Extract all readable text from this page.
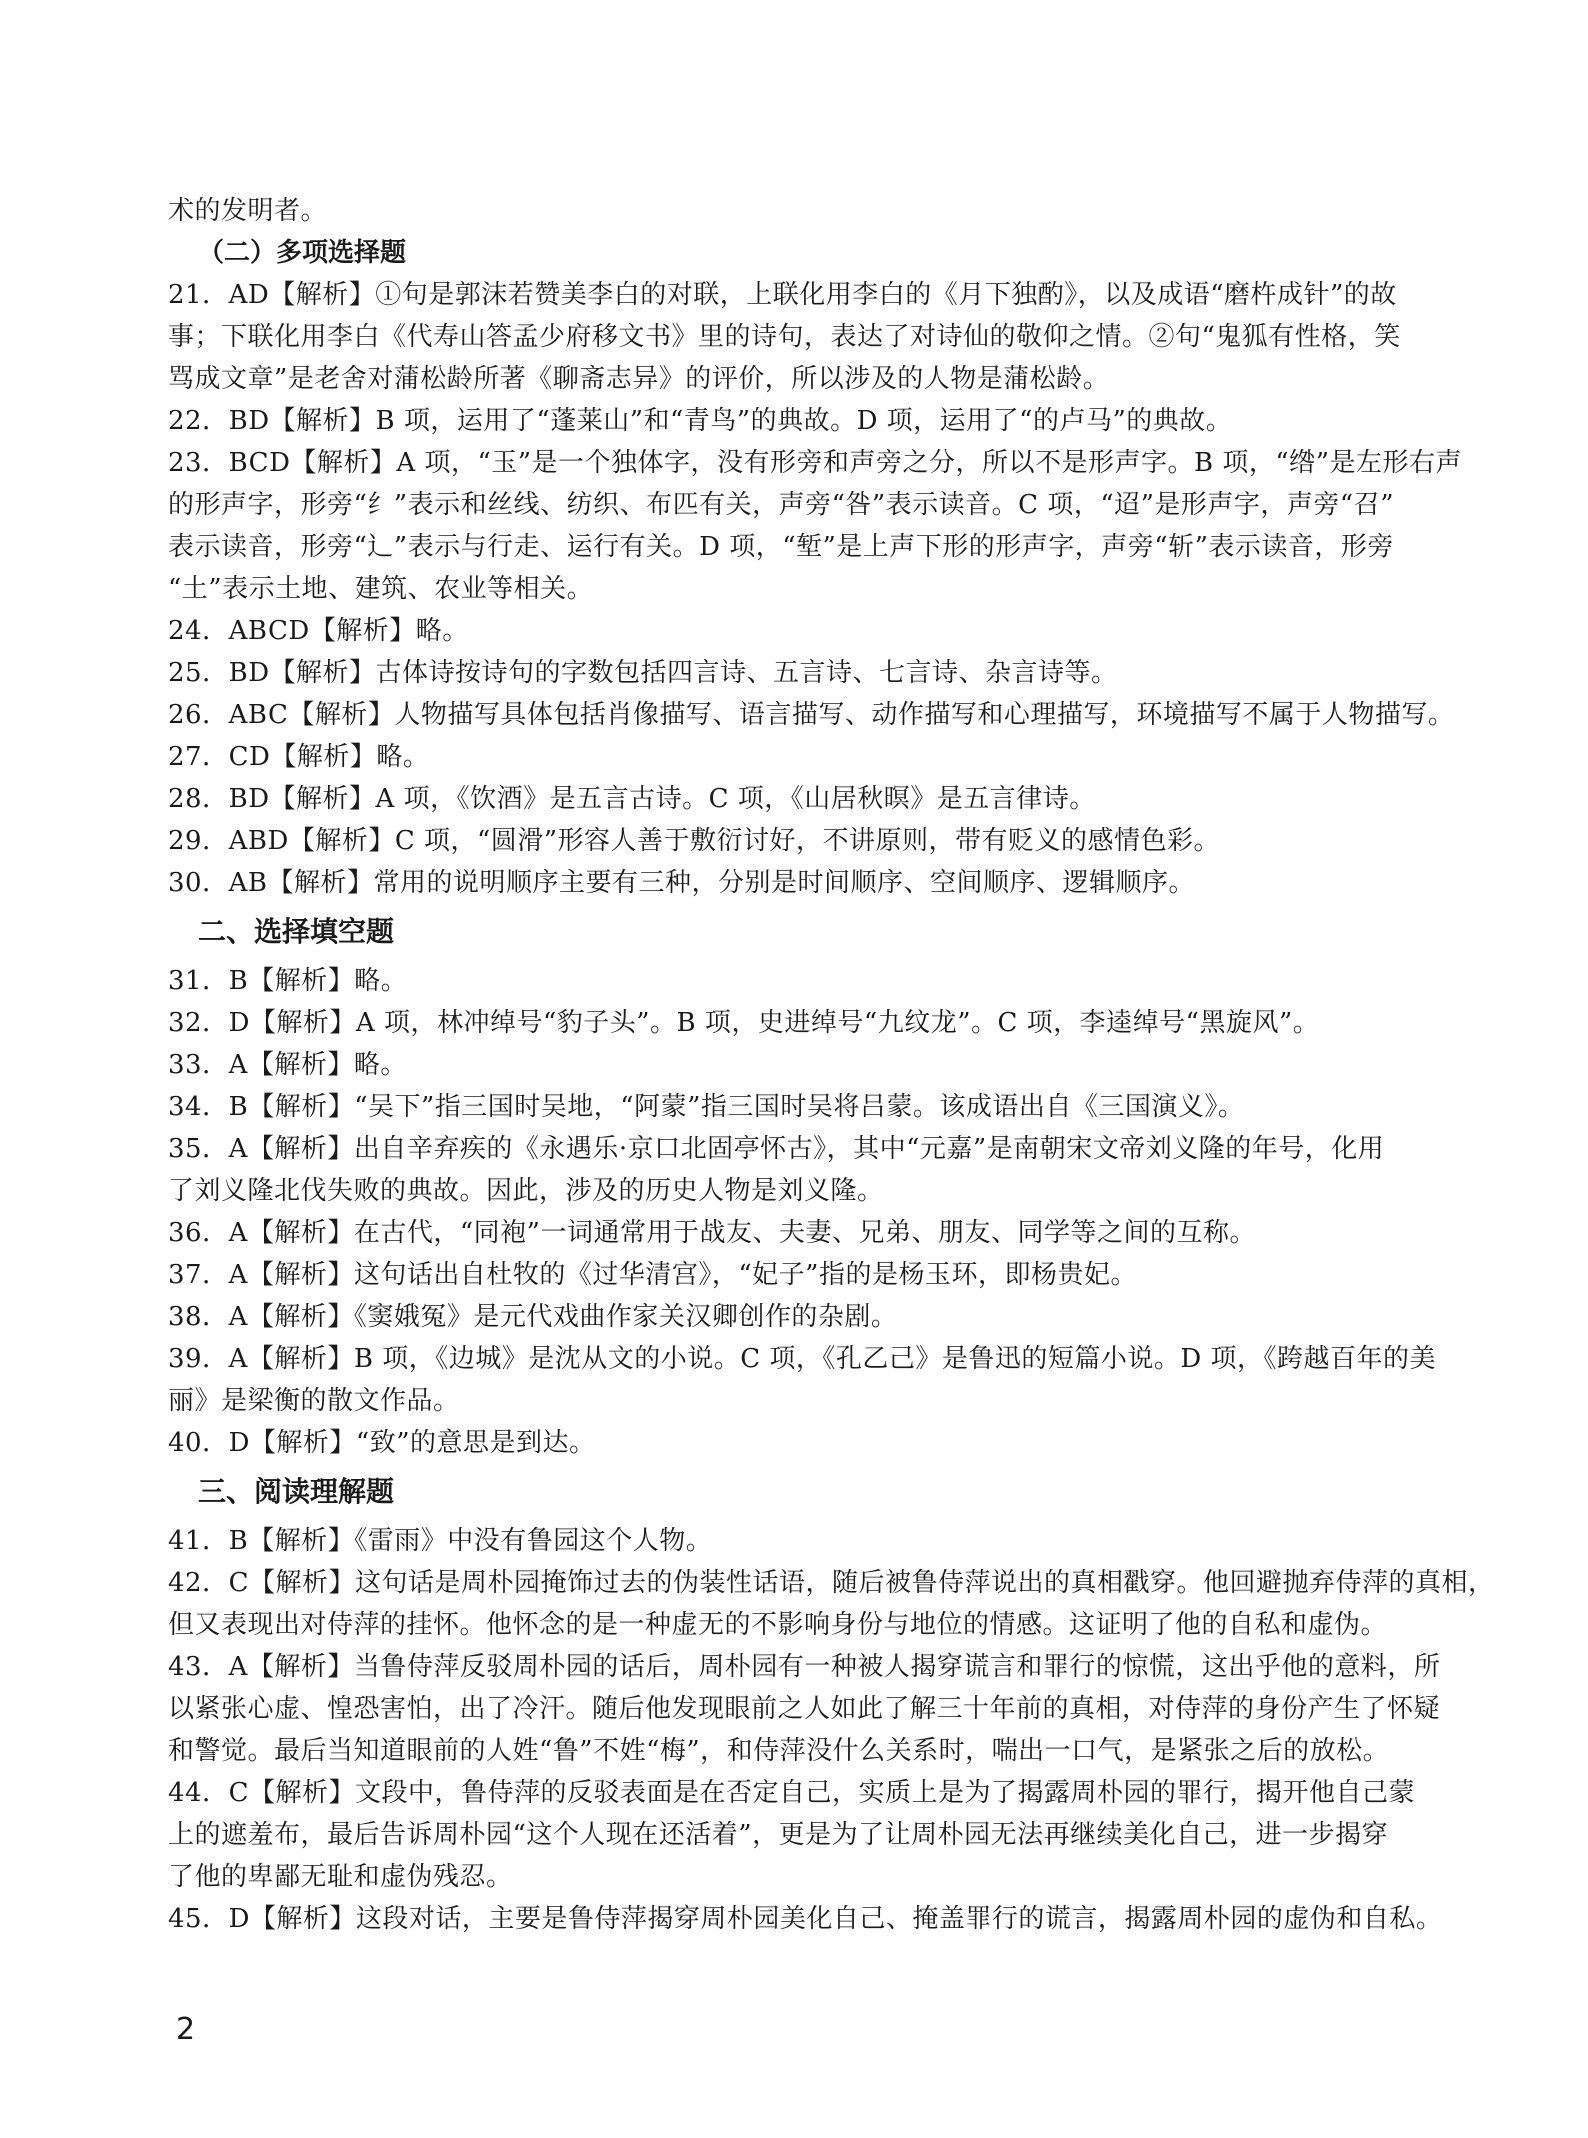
术的发明者。
（二）多项选择题
21．AD【解析】①句是郭沫若赞美李白的对联，上联化用李白的《月下独酌》，以及成语“磨杵成针”的故
事；下联化用李白《代寿山答孟少府移文书》里的诗句，表达了对诗仙的敬仰之情。②句“鬼狐有性格，笑
骂成文章”是老舍对蒲松龄所著《聊斋志异》的评价，所以涉及的人物是蒲松龄。
22．BD【解析】B 项，运用了“蓬莱山”和“青鸟”的典故。D 项，运用了“的卢马”的典故。
23．BCD【解析】A 项，“玉”是一个独体字，没有形旁和声旁之分，所以不是形声字。B 项，“绺”是左形右声
的形声字，形旁“纟”表示和丝线、纺织、布匹有关，声旁“咎”表示读音。C 项，“迢”是形声字，声旁“召”
表示读音，形旁“辶”表示与行走、运行有关。D 项，“堑”是上声下形的形声字，声旁“斩”表示读音，形旁
“土”表示土地、建筑、农业等相关。
24．ABCD【解析】略。
25．BD【解析】古体诗按诗句的字数包括四言诗、五言诗、七言诗、杂言诗等。
26．ABC【解析】人物描写具体包括肖像描写、语言描写、动作描写和心理描写，环境描写不属于人物描写。
27．CD【解析】略。
28．BD【解析】A 项，《饮酒》是五言古诗。C 项，《山居秋暝》是五言律诗。
29．ABD【解析】C 项，“圆滑”形容人善于敷衍讨好，不讲原则，带有贬义的感情色彩。
30．AB【解析】常用的说明顺序主要有三种，分别是时间顺序、空间顺序、逻辑顺序。
二、选择填空题
31．B【解析】略。
32．D【解析】A 项，林冲绰号“豹子头”。B 项，史进绰号“九纹龙”。C 项，李逵绰号“黑旋风”。
33．A【解析】略。
34．B【解析】“吴下”指三国时吴地，“阿蒙”指三国时吴将吕蒙。该成语出自《三国演义》。
35．A【解析】出自辛弃疾的《永遇乐·京口北固亭怀古》，其中“元嘉”是南朝宋文帝刘义隆的年号，化用
了刘义隆北伐失败的典故。因此，涉及的历史人物是刘义隆。
36．A【解析】在古代，“同袍”一词通常用于战友、夫妻、兄弟、朋友、同学等之间的互称。
37．A【解析】这句话出自杜牧的《过华清宫》，“妃子”指的是杨玉环，即杨贵妃。
38．A【解析】《窦娥冤》是元代戏曲作家关汉卿创作的杂剧。
39．A【解析】B 项，《边城》是沈从文的小说。C 项，《孔乙己》是鲁迅的短篇小说。D 项，《跨越百年的美
丽》是梁衡的散文作品。
40．D【解析】“致”的意思是到达。
三、阅读理解题
41．B【解析】《雷雨》中没有鲁园这个人物。
42．C【解析】这句话是周朴园掩饰过去的伪装性话语，随后被鲁侍萍说出的真相戳穿。他回避抛弃侍萍的真相，
但又表现出对侍萍的挂怀。他怀念的是一种虚无的不影响身份与地位的情感。这证明了他的自私和虚伪。
43．A【解析】当鲁侍萍反驳周朴园的话后，周朴园有一种被人揭穿谎言和罪行的惊慌，这出乎他的意料，所
以紧张心虚、惶恐害怕，出了冷汗。随后他发现眼前之人如此了解三十年前的真相，对侍萍的身份产生了怀疑
和警觉。最后当知道眼前的人姓“鲁”不姓“梅”，和侍萍没什么关系时，喘出一口气，是紧张之后的放松。
44．C【解析】文段中，鲁侍萍的反驳表面是在否定自己，实质上是为了揭露周朴园的罪行，揭开他自己蒙
上的遮羞布，最后告诉周朴园“这个人现在还活着”，更是为了让周朴园无法再继续美化自己，进一步揭穿
了他的卑鄙无耻和虚伪残忍。
45．D【解析】这段对话，主要是鲁侍萍揭穿周朴园美化自己、掩盖罪行的谎言，揭露周朴园的虚伪和自私。
2
